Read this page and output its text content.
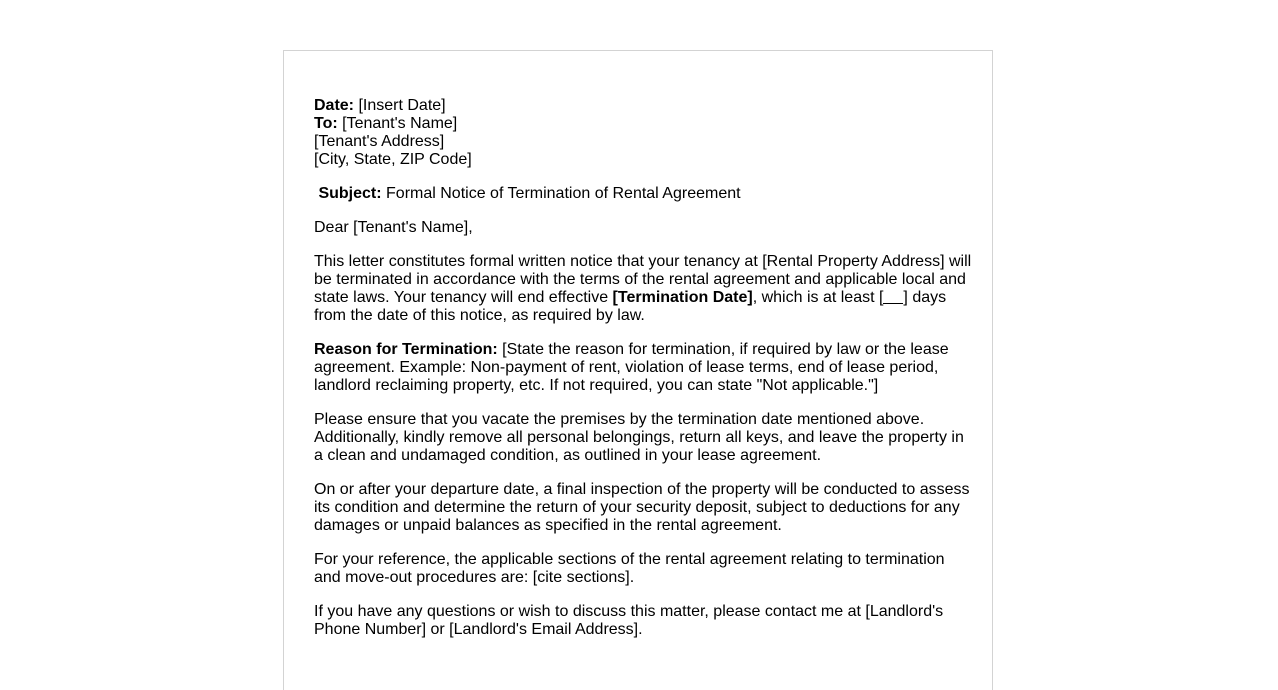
Date: [Insert Date]
To: [Tenant's Name]
[Tenant's Address]
[City, State, ZIP Code]
Subject: Formal Notice of Termination of Rental Agreement
Dear [Tenant's Name],
This letter constitutes formal written notice that your tenancy at [Rental Property Address] will be terminated in accordance with the terms of the rental agreement and applicable local and state laws. Your tenancy will end effective [Termination Date], which is at least [ ] days from the date of this notice, as required by law.
Reason for Termination: [State the reason for termination, if required by law or the lease agreement. Example: Non-payment of rent, violation of lease terms, end of lease period, landlord reclaiming property, etc. If not required, you can state "Not applicable."]
Please ensure that you vacate the premises by the termination date mentioned above. Additionally, kindly remove all personal belongings, return all keys, and leave the property in a clean and undamaged condition, as outlined in your lease agreement.
On or after your departure date, a final inspection of the property will be conducted to assess its condition and determine the return of your security deposit, subject to deductions for any damages or unpaid balances as specified in the rental agreement.
For your reference, the applicable sections of the rental agreement relating to termination and move-out procedures are: [cite sections].
If you have any questions or wish to discuss this matter, please contact me at [Landlord's Phone Number] or [Landlord's Email Address].
